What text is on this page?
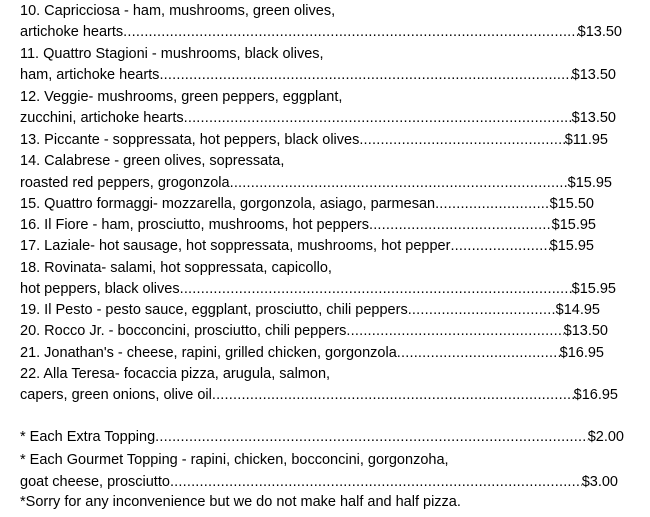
10. Capricciosa - ham, mushrooms, green olives,
artichoke hearts .....	$13.50
11. Quattro Stagioni - mushrooms, black olives,
ham, artichoke hearts .....	$13.50
12. Veggie- mushrooms, green peppers, eggplant,
zucchini, artichoke hearts .....	$13.50
13. Piccante - soppressata, hot peppers, black olives .....	$11.95
14. Calabrese - green olives, sopressata,
roasted red peppers, grogonzola .....	$15.95
15. Quattro formaggi- mozzarella, gorgonzola, asiago, parmesan .....	$15.50
16. Il Fiore - ham, prosciutto, mushrooms, hot peppers .....	$15.95
17. Laziale- hot sausage, hot soppressata, mushrooms, hot pepper .....	$15.95
18. Rovinata- salami, hot soppressata, capicollo,
hot peppers, black olives .....	$15.95
19. Il Pesto - pesto sauce, eggplant, prosciutto, chili peppers .....	$14.95
20. Rocco Jr. - bocconcini, prosciutto, chili peppers .....	$13.50
21. Jonathan's - cheese, rapini, grilled chicken, gorgonzola .....	$16.95
22. Alla Teresa- focaccia pizza, arugula, salmon,
capers, green onions, olive oil .....	$16.95
* Each Extra Topping .....	$2.00
* Each Gourmet Topping - rapini, chicken, bocconcini, gorgonzoha,
goat cheese, prosciutto .....	$3.00
*Sorry for any inconvenience but we do not make half and half pizza.
